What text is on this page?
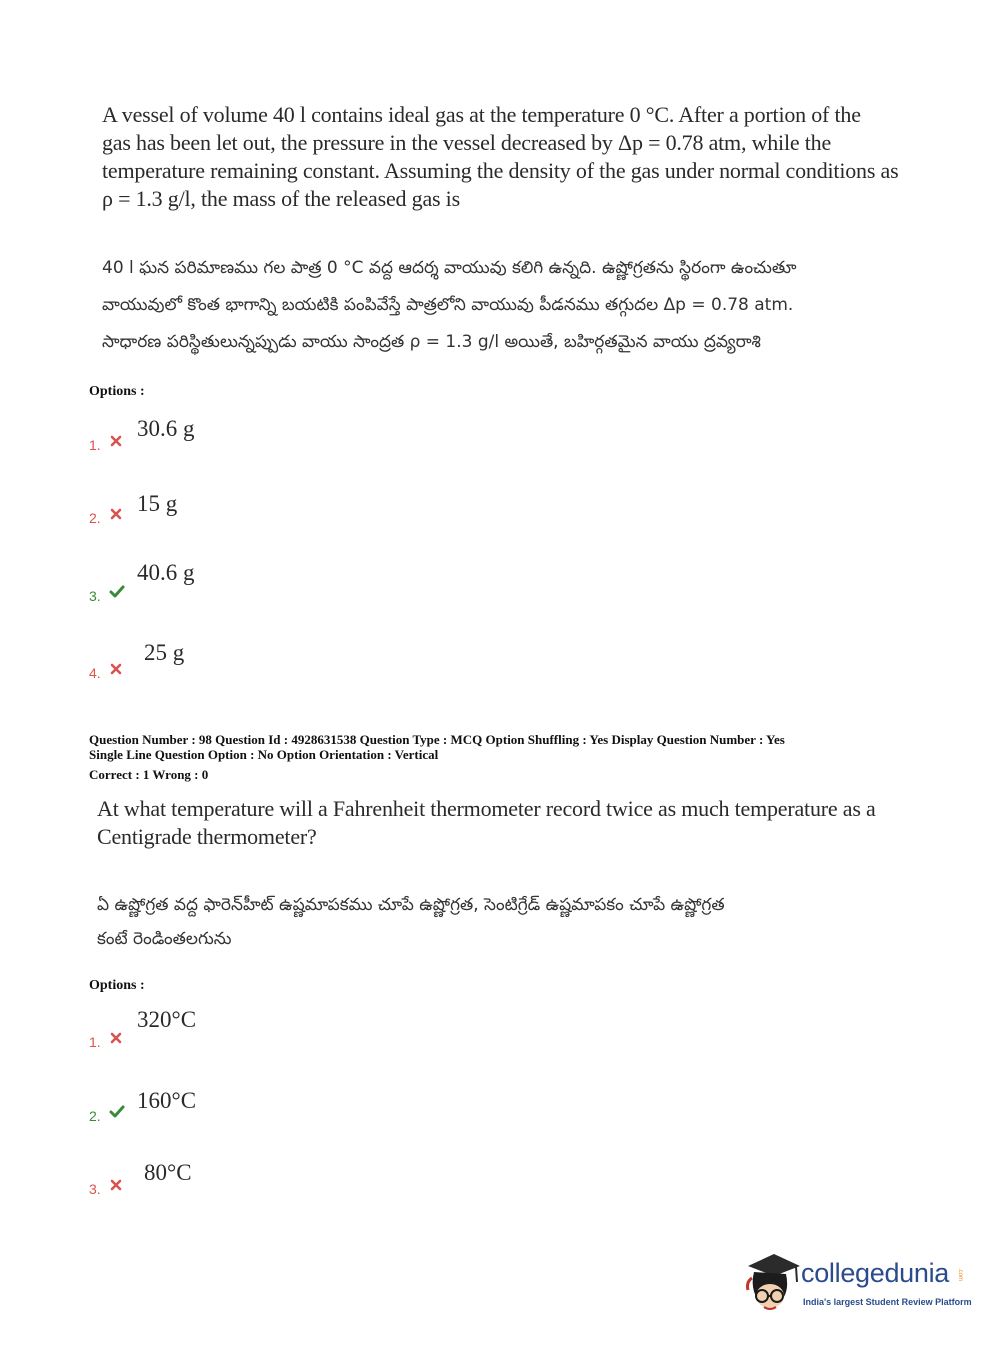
A vessel of volume 40 l contains ideal gas at the temperature 0 °C. After a portion of the
gas has been let out, the pressure in the vessel decreased by Δp = 0.78 atm, while the
temperature remaining constant. Assuming the density of the gas under normal conditions as
ρ = 1.3 g/l, the mass of the released gas is
40 l ఘన పరిమాణము గల పాత్ర 0 °C వద్ద ఆదర్శ వాయువు కలిగి ఉన్నది. ఉష్ణోగ్రతను స్థిరంగా ఉంచుతూ
వాయువులో కొంత భాగాన్ని బయటికి పంపివేస్తే పాత్రలోని వాయువు పీడనము తగ్గుదల Δp = 0.78 atm.
సాధారణ పరిస్థితులున్నప్పుడు వాయు సాంద్రత ρ = 1.3 g/l అయితే, బహిర్గతమైన వాయు ద్రవ్యరాశి
Options :
1.
30.6 g
2.
15 g
3.
40.6 g
4.
25 g
Question Number : 98 Question Id : 4928631538 Question Type : MCQ Option Shuffling : Yes Display Question Number : Yes
Single Line Question Option : No Option Orientation : Vertical
Correct : 1 Wrong : 0
At what temperature will a Fahrenheit thermometer record twice as much temperature as a
Centigrade thermometer?
ఏ ఉష్ణోగ్రత వద్ద ఫారెన్‌హీట్ ఉష్ణమాపకము చూపే ఉష్ణోగ్రత, సెంటిగ్రేడ్ ఉష్ణమాపకం చూపే ఉష్ణోగ్రత
కంటే రెండింతలగును
Options :
1.
320°C
2.
160°C
3.
80°C
collegedunia .com
India's largest Student Review Platform
